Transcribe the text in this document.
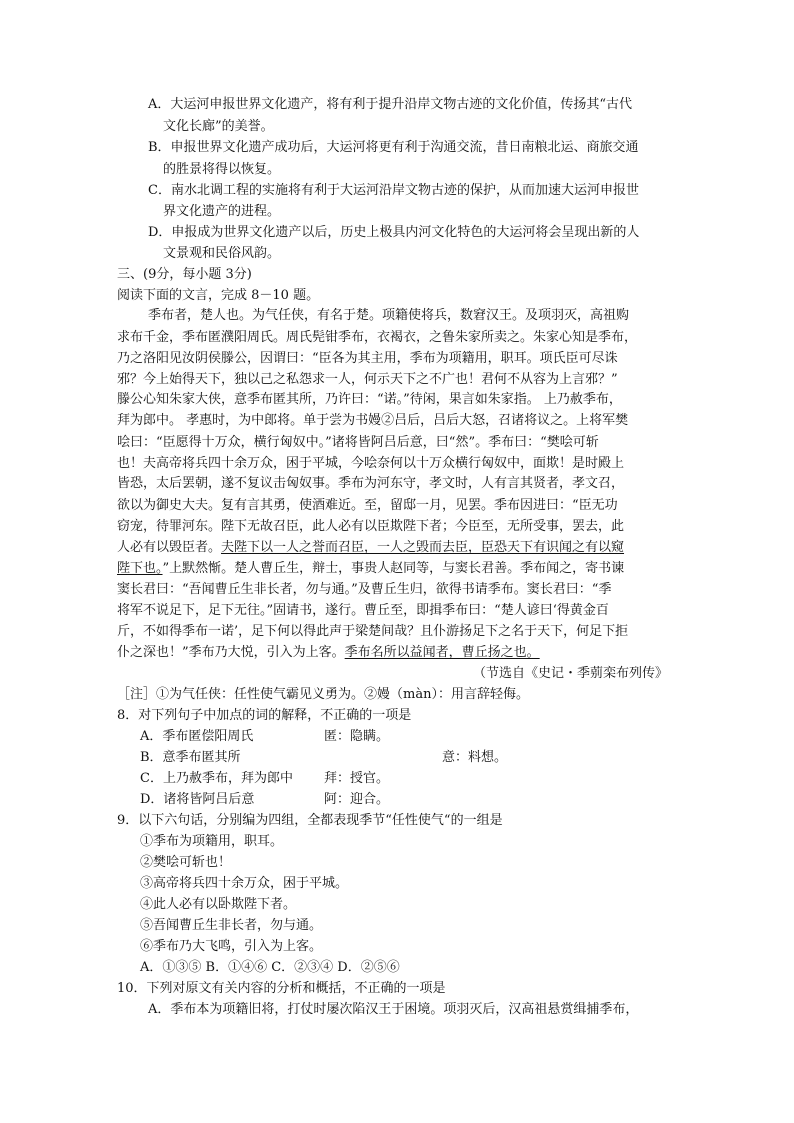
A．大运河申报世界文化遗产，将有利于提升沿岸文物古迹的文化价值，传扬其“古代
文化长廊”的美誉。
B．申报世界文化遗产成功后，大运河将更有利于沟通交流，昔日南粮北运、商旅交通
的胜景将得以恢复。
C．南水北调工程的实施将有利于大运河沿岸文物古迹的保护，从而加速大运河申报世
界文化遗产的进程。
D．申报成为世界文化遗产以后，历史上极具内河文化特色的大运河将会呈现出新的人
文景观和民俗风韵。
三、(9分，每小题 3分)
阅读下面的文言，完成 8－10 题。
季布者，楚人也。为气任侠，有名于楚。项籍使将兵，数窘汉王。及项羽灭，高祖购
求布千金，季布匿濮阳周氏。周氏髡钳季布，衣褐衣，之鲁朱家所卖之。朱家心知是季布，
乃之洛阳见汝阴侯滕公，因谓曰：“臣各为其主用，季布为项籍用，职耳。项氏臣可尽诛
邪？今上始得天下，独以己之私怨求一人，何示天下之不广也！君何不从容为上言邪？”
滕公心知朱家大侠，意季布匿其所，乃许曰：“诺。”待闲，果言如朱家指。 上乃赦季布，
拜为郎中。 孝惠时，为中郎将。单于尝为书嫚②吕后，吕后大怒，召诸将议之。上将军樊
哙曰：“臣愿得十万众，横行匈奴中。”诸将皆阿吕后意，曰“然”。季布曰：“樊哙可斩
也！夫高帝将兵四十余万众，困于平城，今哙奈何以十万众横行匈奴中，面欺！是时殿上
皆恐，太后罢朝，遂不复议击匈奴事。季布为河东守，孝文时，人有言其贤者，孝文召，
欲以为御史大夫。复有言其勇，使酒难近。至，留邸一月，见罢。季布因进曰：“臣无功
窃宠，待罪河东。陛下无故召臣，此人必有以臣欺陛下者；今臣至，无所受事，罢去，此
人必有以毁臣者。夫陛下以一人之誉而召臣，一人之毁而去臣，臣恐天下有识闻之有以窥
陛下也。”上默然惭。楚人曹丘生，辩士，事贵人赵同等，与窦长君善。季布闻之，寄书谏
窦长君曰：“吾闻曹丘生非长者，勿与通。”及曹丘生归，欲得书请季布。窦长君曰：“季
将军不说足下，足下无往。”固请书，遂行。曹丘至，即揖季布曰：“楚人谚曰‘得黄金百
斤，不如得季布一诺’，足下何以得此声于梁楚间哉？且仆游扬足下之名于天下，何足下拒
仆之深也！”季布乃大悦，引入为上客。季布名所以益闻者，曹丘扬之也。
（节选自《史记・季莂栾布列传》
［注］①为气任侠：任性使气霸见义勇为。②嫚（màn）：用言辞轻侮。
8．对下列句子中加点的词的解释，不正确的一项是
A．季布匿偿阳周氏	匿：隐瞒。
B．意季布匿其所	意：料想。
C．上乃赦季布，拜为郎中 拜：授官。
D．诸将皆阿吕后意	阿：迎合。
9．以下六句话，分别编为四组，全都表现季节“任性使气“的一组是
①季布为项籍用，职耳。
②樊哙可斩也！
③高帝将兵四十余万众，困于平城。
④此人必有以卧欺陛下者。
⑤吾闻曹丘生非长者，勿与通。
⑥季布乃大飞鸣，引入为上客。
A．①③⑤ B．①④⑥ C．②③④ D．②⑤⑥
10．下列对原文有关内容的分析和概括，不正确的一项是
A．季布本为项籍旧将，打仗时屡次陷汉王于困境。项羽灭后，汉高祖悬赏缉捕季布，
